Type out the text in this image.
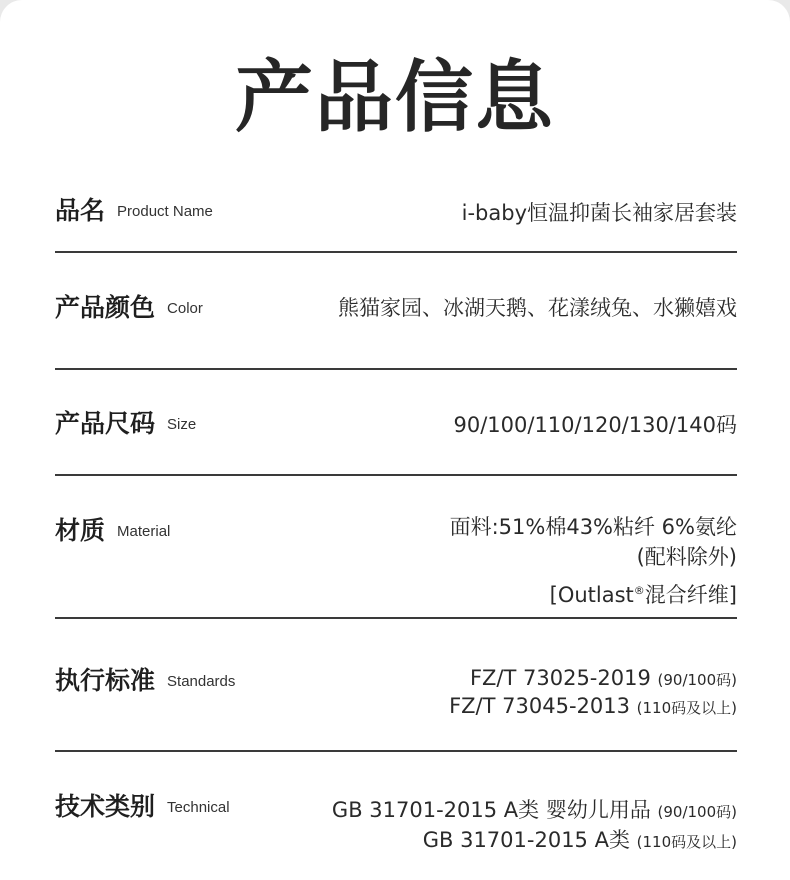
产品信息
品名 Product Name	i-baby恒温抑菌长袖家居套装
产品颜色 Color	熊猫家园、冰湖天鹅、花漾绒兔、水獭嬉戏
产品尺码 Size	90/100/110/120/130/140码
材质 Material	面料:51%棉43%粘纤 6%氨纶
(配料除外)
[Outlast®混合纤维]
执行标准 Standards	FZ/T 73025-2019 (90/100码)
FZ/T 73045-2013 (110码及以上)
技术类别 Technical	GB 31701-2015 A类 婴幼儿用品 (90/100码)
GB 31701-2015 A类 (110码及以上)
